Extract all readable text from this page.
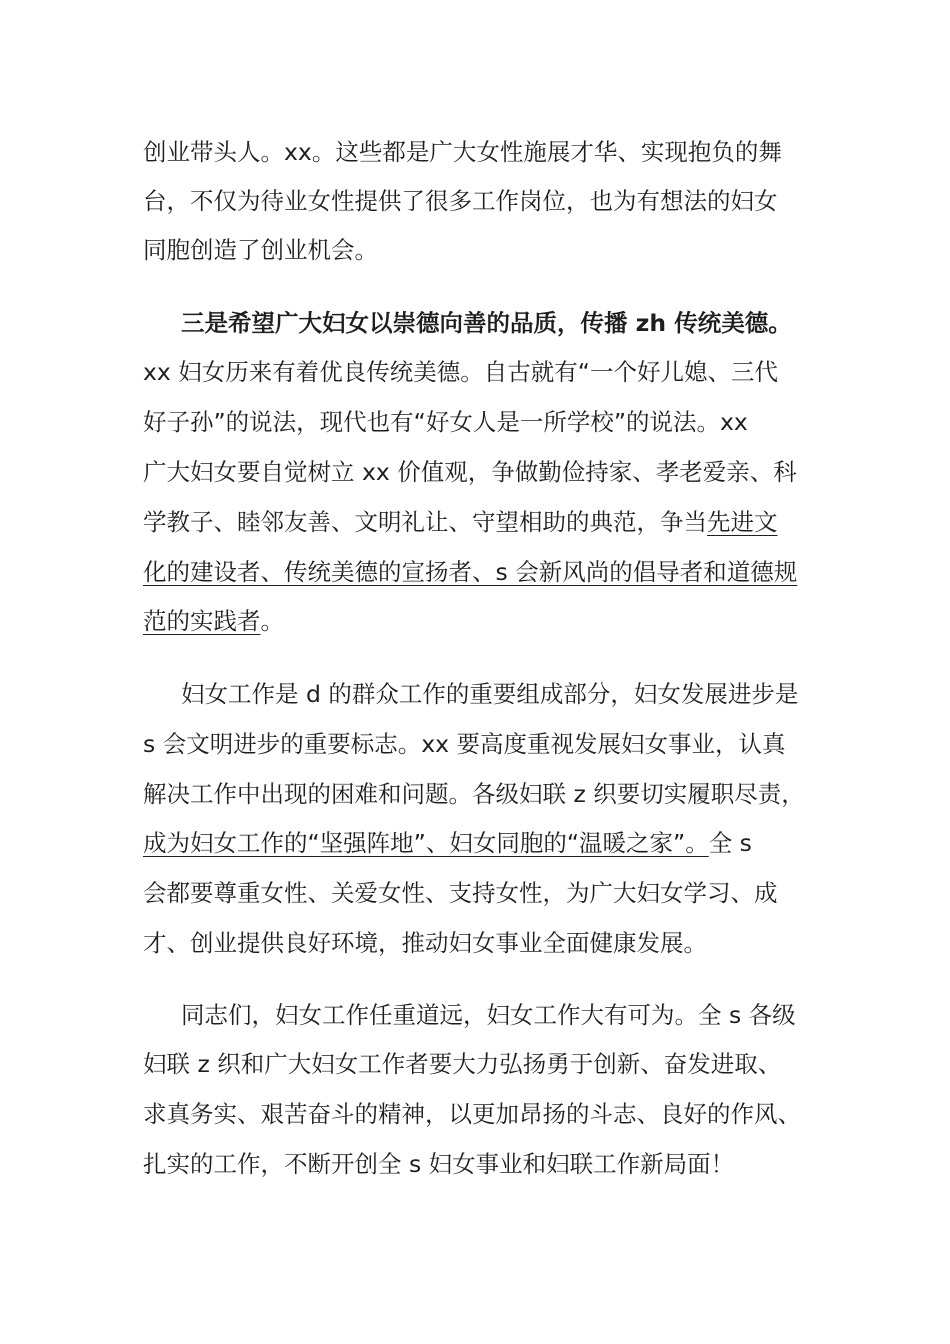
创业带头人。xx。这些都是广大女性施展才华、实现抱负的舞
台，不仅为待业女性提供了很多工作岗位，也为有想法的妇女
同胞创造了创业机会。
三是希望广大妇女以崇德向善的品质，传播 zh 传统美德。
xx 妇女历来有着优良传统美德。自古就有“一个好儿媳、三代
好子孙”的说法，现代也有“好女人是一所学校”的说法。xx
广大妇女要自觉树立 xx 价值观，争做勤俭持家、孝老爱亲、科
学教子、睦邻友善、文明礼让、守望相助的典范，争当先进文
化的建设者、传统美德的宣扬者、s 会新风尚的倡导者和道德规
范的实践者。
妇女工作是 d 的群众工作的重要组成部分，妇女发展进步是
s 会文明进步的重要标志。xx 要高度重视发展妇女事业，认真
解决工作中出现的困难和问题。各级妇联 z 织要切实履职尽责，
成为妇女工作的“坚强阵地”、妇女同胞的“温暖之家”。全 s
会都要尊重女性、关爱女性、支持女性，为广大妇女学习、成
才、创业提供良好环境，推动妇女事业全面健康发展。
同志们，妇女工作任重道远，妇女工作大有可为。全 s 各级
妇联 z 织和广大妇女工作者要大力弘扬勇于创新、奋发进取、
求真务实、艰苦奋斗的精神，以更加昂扬的斗志、良好的作风、
扎实的工作，不断开创全 s 妇女事业和妇联工作新局面！
